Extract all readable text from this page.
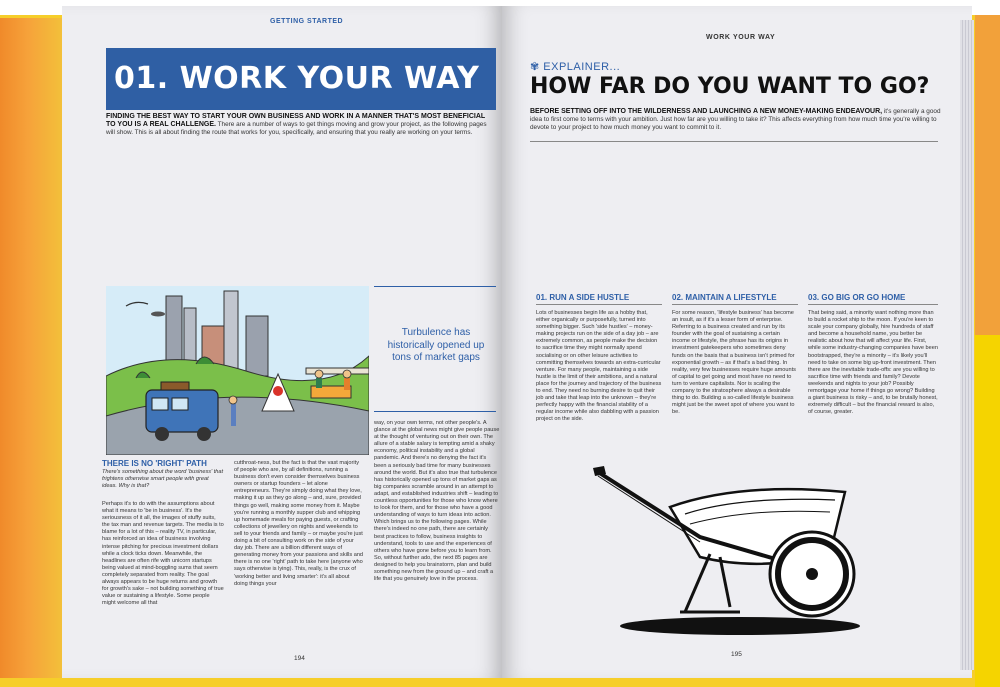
GETTING STARTED
01. WORK YOUR WAY
FINDING THE BEST WAY TO START YOUR OWN BUSINESS AND WORK IN A MANNER THAT'S MOST BENEFICIAL TO YOU IS A REAL CHALLENGE. There are a number of ways to get things moving and grow your project, as the following pages will show. This is all about finding the route that works for you, specifically, and ensuring that you really are working on your terms.
Turbulence has historically opened up tons of market gaps
THERE IS NO 'RIGHT' PATH
There's something about the word 'business' that frightens otherwise smart people with great ideas. Why is that?
Perhaps it's to do with the assumptions about what it means to 'be in business'. It's the seriousness of it all, the images of stuffy suits, the tax man and revenue targets. The media is to blame for a lot of this – reality TV, in particular, has reinforced an idea of business involving intense pitching for precious investment dollars while a clock ticks down. Meanwhile, the headlines are often rife with unicorn startups being valued at mind-boggling sums that seem completely separated from reality. The goal always appears to be huge returns and growth for growth's sake – not building something of true value or sustaining a lifestyle. Some people might welcome all that
cutthroat-ness, but the fact is that the vast majority of people who are, by all definitions, running a business don't even consider themselves business owners or startup founders – let alone entrepreneurs. They're simply doing what they love, making it up as they go along – and, sure, provided things go well, making some money from it. Maybe you're running a monthly supper club and whipping up homemade meals for paying guests, or crafting collections of jewellery on nights and weekends to sell to your friends and family – or maybe you're just doing a bit of consulting work on the side of your day job. There are a billion different ways of generating money from your passions and skills and there is no one 'right' path to take here (anyone who says otherwise is lying). This, really, is the crux of 'working better and living smarter': it's all about doing things your
way, on your own terms, not other people's. A glance at the global news might give people pause at the thought of venturing out on their own. The allure of a stable salary is tempting amid a shaky economy, political instability and a global pandemic. And there's no denying the fact it's been a seriously bad time for many businesses around the world. But it's also true that turbulence has historically opened up tons of market gaps as big companies scramble around in an attempt to adapt, and established industries shift – leading to countless opportunities for those who know where to look for them, and for those who have a good understanding of ways to turn ideas into action. Which brings us to the following pages. While there's indeed no one path, there are certainly best practices to follow, business insights to understand, tools to use and the experiences of others who have gone before you to learn from. So, without further ado, the next 85 pages are designed to help you brainstorm, plan and build something new from the ground up – and craft a life that you genuinely love in the process.
194
WORK YOUR WAY
✾ EXPLAINER...
HOW FAR DO YOU WANT TO GO?
BEFORE SETTING OFF INTO THE WILDERNESS AND LAUNCHING A NEW MONEY-MAKING ENDEAVOUR, it's generally a good idea to first come to terms with your ambition. Just how far are you willing to take it? This affects everything from how much time you're willing to devote to your project to how much money you want to commit to it.
01. RUN A SIDE HUSTLE
Lots of businesses begin life as a hobby that, either organically or purposefully, turned into something bigger. Such 'side hustles' – money-making projects run on the side of a day job – are extremely common, as people make the decision to sacrifice time they might normally spend socialising or on other leisure activities to committing themselves towards an extra-curricular venture. For many people, maintaining a side hustle is the limit of their ambitions, and a natural place for the journey and trajectory of the business to end. They need no burning desire to quit their job and take that leap into the unknown – they're perfectly happy with the financial stability of a regular income while also dabbling with a passion project on the side.
02. MAINTAIN A LIFESTYLE
For some reason, 'lifestyle business' has become an insult, as if it's a lesser form of enterprise. Referring to a business created and run by its founder with the goal of sustaining a certain income or lifestyle, the phrase has its origins in investment gatekeepers who sometimes deny funds on the basis that a business isn't primed for exponential growth – as if that's a bad thing. In reality, very few businesses require huge amounts of capital to get going and most have no need to turn to venture capitalists. Nor is scaling the company to the stratosphere always a desirable thing to do. Building a so-called lifestyle business might just be the sweet spot of where you want to be.
03. GO BIG OR GO HOME
That being said, a minority want nothing more than to build a rocket ship to the moon. If you're keen to scale your company globally, hire hundreds of staff and become a household name, you better be realistic about how that will affect your life. First, while some industry-changing companies have been bootstrapped, they're a minority – it's likely you'll need to take on some big up-front investment. Then there are the inevitable trade-offs: are you willing to sacrifice time with friends and family? Devote weekends and nights to your job? Possibly remortgage your home if things go wrong? Building a giant business is risky – and, to be brutally honest, extremely difficult – but the financial reward is also, of course, greater.
195
